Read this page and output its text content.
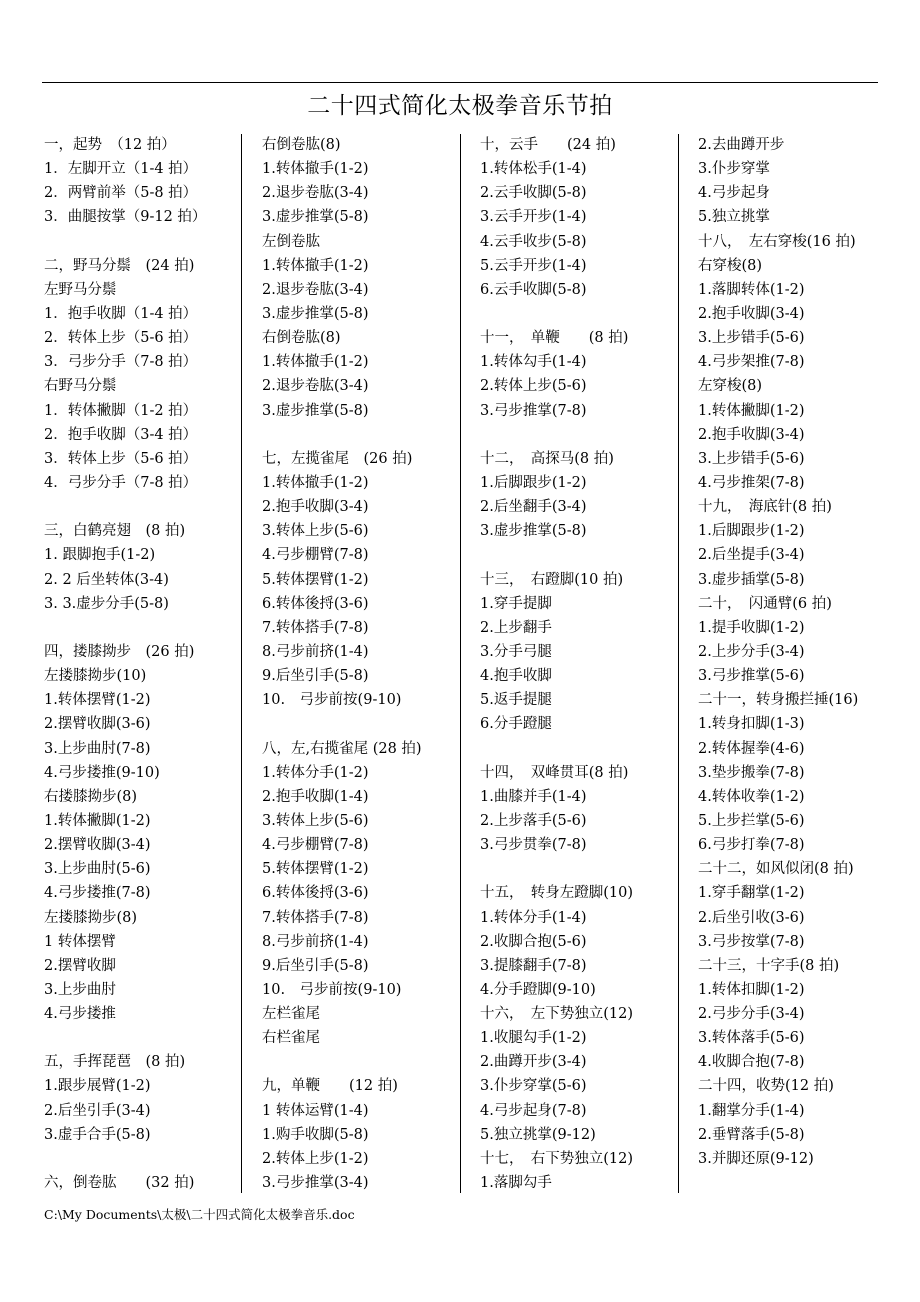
二十四式简化太极拳音乐节拍
一，起势　（12 拍）
1．左脚开立（1-4 拍）
2．两臂前举（5-8 拍）
3．曲腿按掌（9-12 拍）
二，野马分鬃　(24 拍)
左野马分鬃
1．抱手收脚（1-4 拍）
2．转体上步（5-6 拍）
3．弓步分手（7-8 拍）
右野马分鬃
1．转体撇脚（1-2 拍）
2．抱手收脚（3-4 拍）
3．转体上步（5-6 拍）
4．弓步分手（7-8 拍）
三，白鹤亮翅　(8 拍)
1. 跟脚抱手(1-2)
2. 2 后坐转体(3-4)
3. 3.虚步分手(5-8)
四，搂膝拗步　(26 拍)
左搂膝拗步(10)
1.转体摆臂(1-2)
2.摆臂收脚(3-6)
3.上步曲肘(7-8)
4.弓步搂推(9-10)
右搂膝拗步(8)
1.转体撇脚(1-2)
2.摆臂收脚(3-4)
3.上步曲肘(5-6)
4.弓步搂推(7-8)
左搂膝拗步(8)
1 转体摆臂
2.摆臂收脚
3.上步曲肘
4.弓步搂推
五，手挥琵琶　(8 拍)
1.跟步展臂(1-2)
2.后坐引手(3-4)
3.虚手合手(5-8)
六，倒卷肱　　(32 拍)
右倒卷肱(8)
1.转体撤手(1-2)
2.退步卷肱(3-4)
3.虚步推掌(5-8)
左倒卷肱
1.转体撤手(1-2)
2.退步卷肱(3-4)
3.虚步推掌(5-8)
右倒卷肱(8)
1.转体撤手(1-2)
2.退步卷肱(3-4)
3.虚步推掌(5-8)
七，左揽雀尾　(26 拍)
1.转体撤手(1-2)
2.抱手收脚(3-4)
3.转体上步(5-6)
4.弓步棚臂(7-8)
5.转体摆臂(1-2)
6.转体後捋(3-6)
7.转体搭手(7-8)
8.弓步前挤(1-4)
9.后坐引手(5-8)
10.　弓步前按(9-10)
八，左,右揽雀尾 (28 拍)
1.转体分手(1-2)
2.抱手收脚(1-4)
3.转体上步(5-6)
4.弓步棚臂(7-8)
5.转体摆臂(1-2)
6.转体後捋(3-6)
7.转体搭手(7-8)
8.弓步前挤(1-4)
9.后坐引手(5-8)
10.　弓步前按(9-10)
左栏雀尾
右栏雀尾
九，单鞭　　(12 拍)
1 转体运臂(1-4)
1.购手收脚(5-8)
2.转体上步(1-2)
3.弓步推掌(3-4)
十，云手　　(24 拍)
1.转体松手(1-4)
2.云手收脚(5-8)
3.云手开步(1-4)
4.云手收步(5-8)
5.云手开步(1-4)
6.云手收脚(5-8)
十一，　单鞭　　(8 拍)
1.转体勾手(1-4)
2.转体上步(5-6)
3.弓步推掌(7-8)
十二，　高探马(8 拍)
1.后脚跟步(1-2)
2.后坐翻手(3-4)
3.虚步推掌(5-8)
十三，　右蹬脚(10 拍)
1.穿手提脚
2.上步翻手
3.分手弓腿
4.抱手收脚
5.返手提腿
6.分手蹬腿
十四，　双峰贯耳(8 拍)
1.曲膝并手(1-4)
2.上步落手(5-6)
3.弓步贯拳(7-8)
十五，　转身左蹬脚(10)
1.转体分手(1-4)
2.收脚合抱(5-6)
3.提膝翻手(7-8)
4.分手蹬脚(9-10)
十六，　左下势独立(12)
1.收腿勾手(1-2)
2.曲蹲开步(3-4)
3.仆步穿掌(5-6)
4.弓步起身(7-8)
5.独立挑掌(9-12)
十七，　右下势独立(12)
1.落脚勾手
2.去曲蹲开步
3.仆步穿掌
4.弓步起身
5.独立挑掌
十八，　左右穿梭(16 拍)
右穿梭(8)
1.落脚转体(1-2)
2.抱手收脚(3-4)
3.上步错手(5-6)
4.弓步架推(7-8)
左穿梭(8)
1.转体撇脚(1-2)
2.抱手收脚(3-4)
3.上步错手(5-6)
4.弓步推架(7-8)
十九，　海底针(8 拍)
1.后脚跟步(1-2)
2.后坐提手(3-4)
3.虚步插掌(5-8)
二十，　闪通臂(6 拍)
1.提手收脚(1-2)
2.上步分手(3-4)
3.弓步推掌(5-6)
二十一，转身搬拦捶(16)
1.转身扣脚(1-3)
2.转体握拳(4-6)
3.垫步搬拳(7-8)
4.转体收拳(1-2)
5.上步拦掌(5-6)
6.弓步打拳(7-8)
二十二，如风似闭(8 拍)
1.穿手翻掌(1-2)
2.后坐引收(3-6)
3.弓步按掌(7-8)
二十三，十字手(8 拍)
1.转体扣脚(1-2)
2.弓步分手(3-4)
3.转体落手(5-6)
4.收脚合抱(7-8)
二十四，收势(12 拍)
1.翻掌分手(1-4)
2.垂臂落手(5-8)
3.并脚还原(9-12)
C:\My Documents\太极\二十四式简化太极拳音乐.doc
